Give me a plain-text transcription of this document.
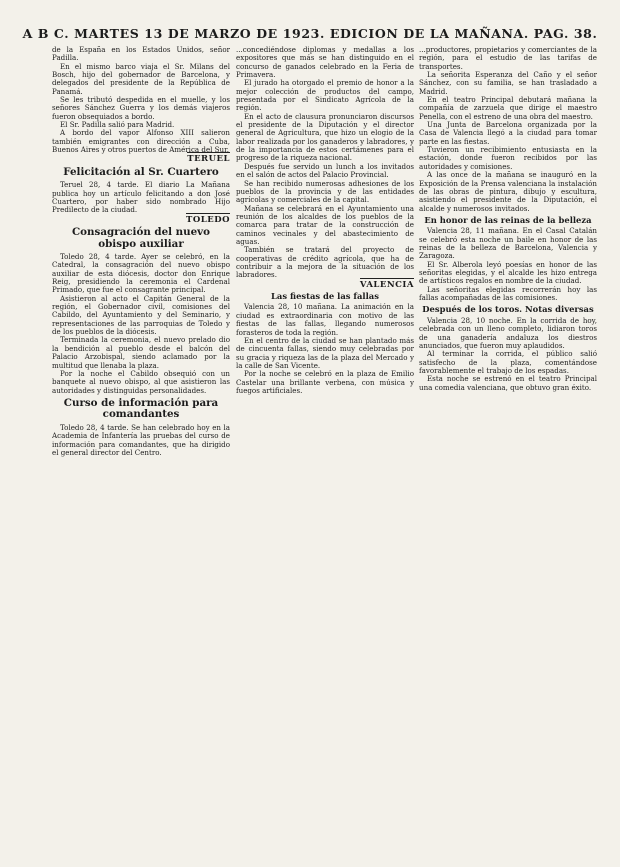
A B C. MARTES 13 DE MARZO DE 1923. EDICION DE LA MAÑANA. PAG. 38.

de la España en los Estados Unidos, señor Padilla.

En el mismo barco viaja el Sr. Milans del Bosch, hijo del gobernador de Barcelona, y delegados del presidente de la República de Panamá.

Se les tributó despedida en el muelle, y los señores Sánchez Guerra y los demás viajeros fueron obsequiados a bordo.

El Sr. Padilla salió para Madrid.

A bordo del vapor Alfonso XIII salieron también emigrantes con dirección a Cuba, Buenos Aires y otros puertos de América del Sur.

TERUEL
Felicitación al Sr. Cuartero

Teruel 28, 4 tarde. El diario La Mañana publica hoy un artículo felicitando a don José Cuartero, por haber sido nombrado Hijo Predilecto de la ciudad.

TOLEDO
Consagración del nuevo obispo auxiliar

Toledo 28, 4 tarde. Ayer se celebró, en la Catedral, la consagración del nuevo obispo auxiliar de esta diócesis, doctor don Enrique Reig, presidiendo la ceremonia el Cardenal Primado, que fue el consagrante principal.

Asistieron al acto el Capitán General de la región, el Gobernador civil, comisiones del Cabildo, del Ayuntamiento y del Seminario, y representaciones de las parroquias de Toledo y de los pueblos de la diócesis.

Terminada la ceremonia, el nuevo prelado dio la bendición al pueblo desde el balcón del Palacio Arzobispal, siendo aclamado por la multitud que llenaba la plaza.

Por la noche el Cabildo obsequió con un banquete al nuevo obispo, al que asistieron las autoridades y distinguidas personalidades.

Curso de información para comandantes

Toledo 28, 4 tarde. Se han celebrado hoy en la Academia de Infantería las pruebas del curso de información para comandantes, que ha dirigido el general director del Centro.

...concediéndose diplomas y medallas a los expositores que más se han distinguido en el concurso de ganados celebrado en la Feria de Primavera.

El jurado ha otorgado el premio de honor a la mejor colección de productos del campo, presentada por el Sindicato Agrícola de la región.

En el acto de clausura pronunciaron discursos el presidente de la Diputación y el director general de Agricultura, que hizo un elogio de la labor realizada por los ganaderos y labradores, y de la importancia de estos certámenes para el progreso de la riqueza nacional.

Después fue servido un lunch a los invitados en el salón de actos del Palacio Provincial.

Se han recibido numerosas adhesiones de los pueblos de la provincia y de las entidades agrícolas y comerciales de la capital.

Mañana se celebrará en el Ayuntamiento una reunión de los alcaldes de los pueblos de la comarca para tratar de la construcción de caminos vecinales y del abastecimiento de aguas.

También se tratará del proyecto de cooperativas de crédito agrícola, que ha de contribuir a la mejora de la situación de los labradores.

VALENCIA
Las fiestas de las fallas

Valencia 28, 10 mañana. La animación en la ciudad es extraordinaria con motivo de las fiestas de las fallas, llegando numerosos forasteros de toda la región.

En el centro de la ciudad se han plantado más de cincuenta fallas, siendo muy celebradas por su gracia y riqueza las de la plaza del Mercado y la calle de San Vicente.

Por la noche se celebró en la plaza de Emilio Castelar una brillante verbena, con música y fuegos artificiales.

...productores, propietarios y comerciantes de la región, para el estudio de las tarifas de transportes.

La señorita Esperanza del Caño y el señor Sánchez, con su familia, se han trasladado a Madrid.

En el teatro Principal debutará mañana la compañía de zarzuela que dirige el maestro Penella, con el estreno de una obra del maestro.

Una Junta de Barcelona organizada por la Casa de Valencia llegó a la ciudad para tomar parte en las fiestas.

Tuvieron un recibimiento entusiasta en la estación, donde fueron recibidos por las autoridades y comisiones.

A las once de la mañana se inauguró en la Exposición de la Prensa valenciana la instalación de las obras de pintura, dibujo y escultura, asistiendo el presidente de la Diputación, el alcalde y numerosos invitados.

En honor de las reinas de la belleza

Valencia 28, 11 mañana. En el Casal Catalán se celebró esta noche un baile en honor de las reinas de la belleza de Barcelona, Valencia y Zaragoza.

El Sr. Alberola leyó poesías en honor de las señoritas elegidas, y el alcalde les hizo entrega de artísticos regalos en nombre de la ciudad.

Las señoritas elegidas recorrerán hoy las fallas acompañadas de las comisiones.

Después de los toros. Notas diversas

Valencia 28, 10 noche. En la corrida de hoy, celebrada con un lleno completo, lidiaron toros de una ganadería andaluza los diestros anunciados, que fueron muy aplaudidos.

Al terminar la corrida, el público salió satisfecho de la plaza, comentándose favorablemente el trabajo de los espadas.

Esta noche se estrenó en el teatro Principal una comedia valenciana, que obtuvo gran éxito.
